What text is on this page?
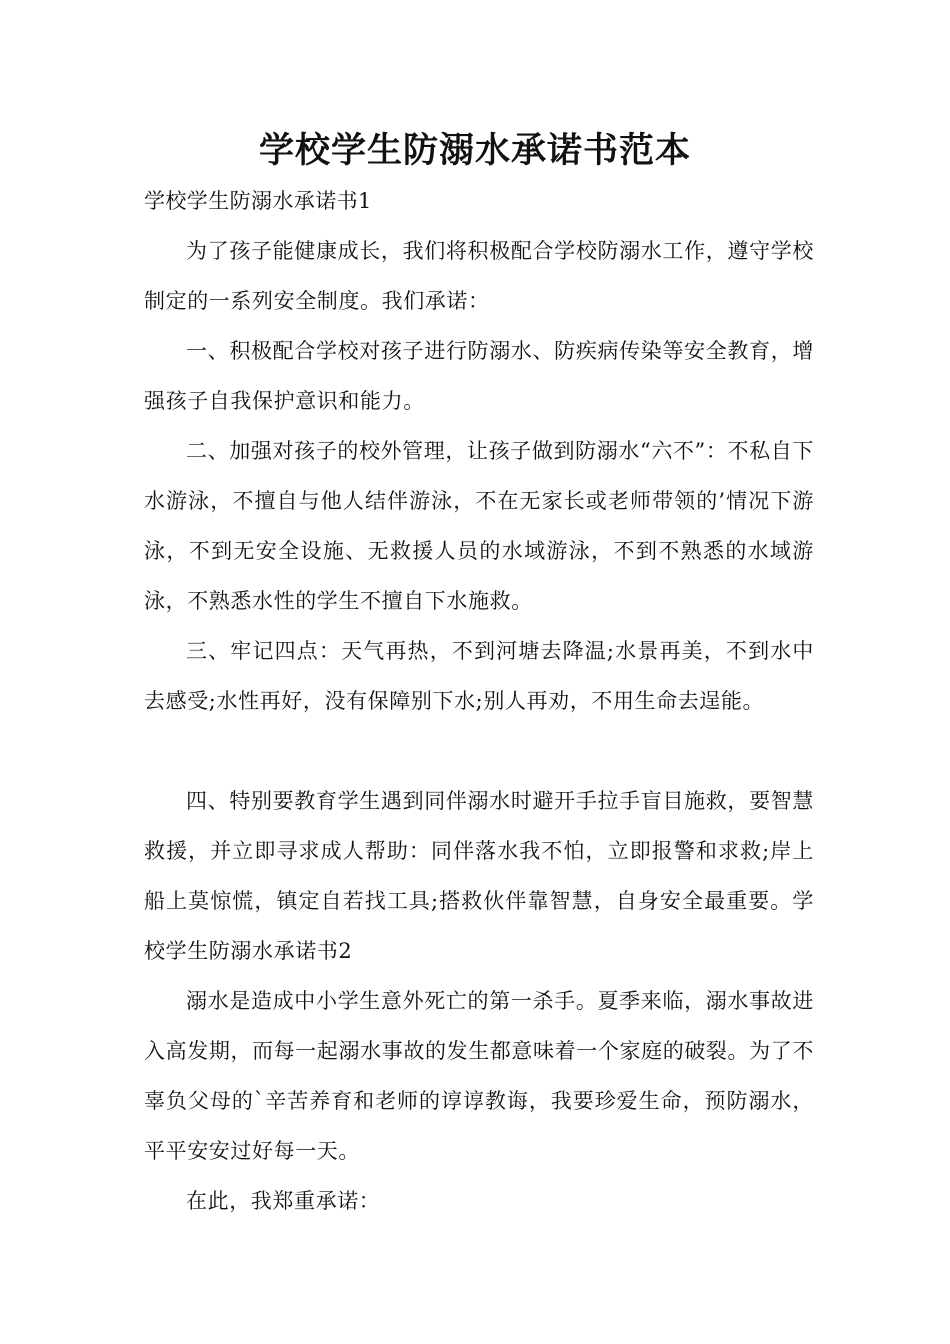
学校学生防溺水承诺书范本
学校学生防溺水承诺书1

为了孩子能健康成长，我们将积极配合学校防溺水工作，遵守学校制定的一系列安全制度。我们承诺：

一、积极配合学校对孩子进行防溺水、防疾病传染等安全教育，增强孩子自我保护意识和能力。

二、加强对孩子的校外管理，让孩子做到防溺水“六不”：不私自下水游泳，不擅自与他人结伴游泳，不在无家长或老师带领的’情况下游泳，不到无安全设施、无救援人员的水域游泳，不到不熟悉的水域游泳，不熟悉水性的学生不擅自下水施救。

三、牢记四点：天气再热，不到河塘去降温;水景再美，不到水中去感受;水性再好，没有保障别下水;别人再劝，不用生命去逞能。

四、特别要教育学生遇到同伴溺水时避开手拉手盲目施救，要智慧救援，并立即寻求成人帮助：同伴落水我不怕，立即报警和求救;岸上船上莫惊慌，镇定自若找工具;搭救伙伴靠智慧，自身安全最重要。学校学生防溺水承诺书2

溺水是造成中小学生意外死亡的第一杀手。夏季来临，溺水事故进入高发期，而每一起溺水事故的发生都意味着一个家庭的破裂。为了不辜负父母的`辛苦养育和老师的谆谆教诲，我要珍爱生命，预防溺水，平平安安过好每一天。

在此，我郑重承诺：
